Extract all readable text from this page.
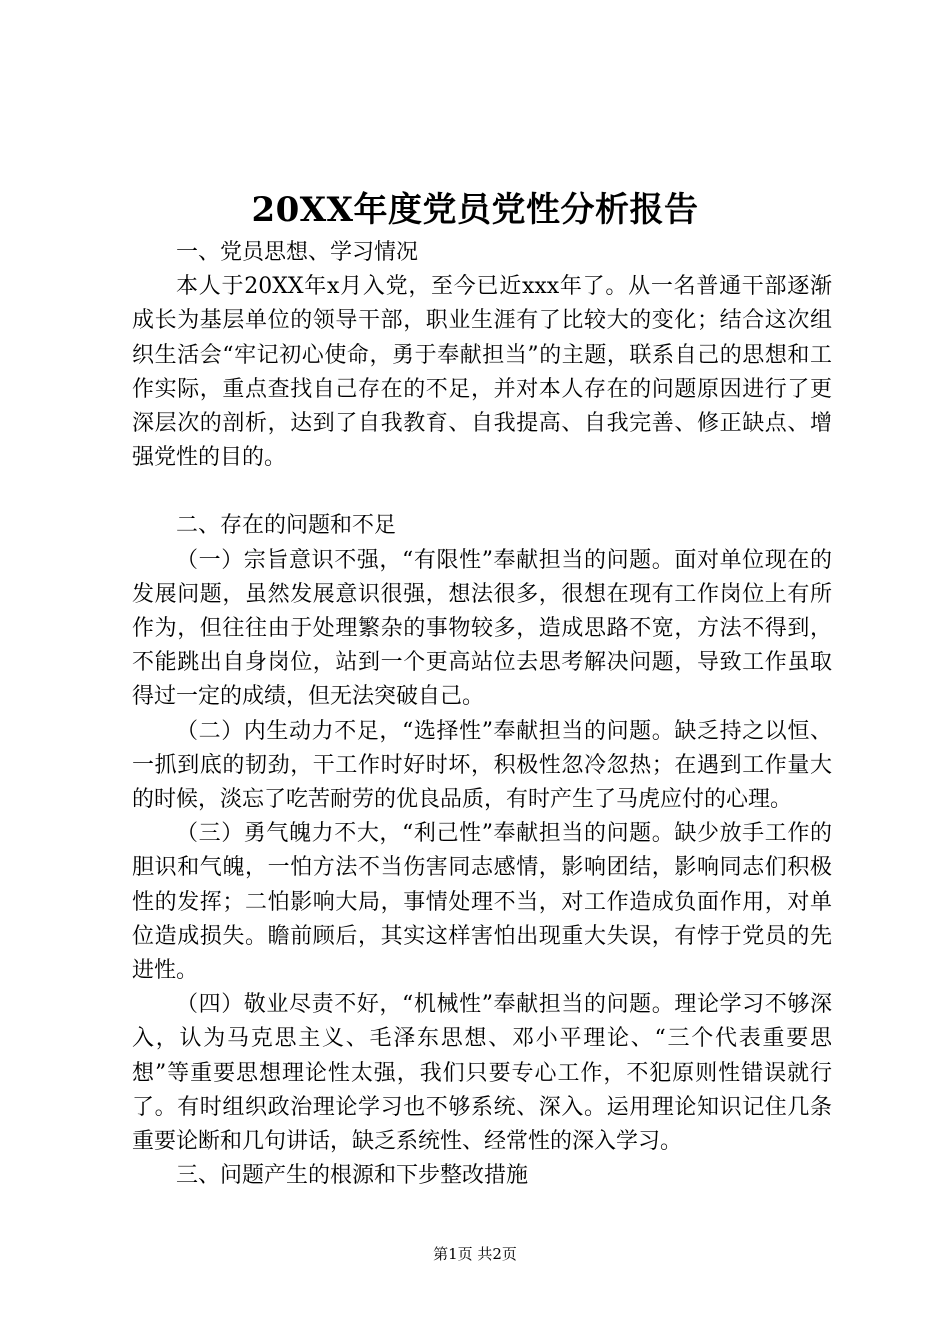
20XX年度党员党性分析报告

一、党员思想、学习情况

本人于20XX年x月入党，至今已近xxx年了。从一名普通干部逐渐成长为基层单位的领导干部，职业生涯有了比较大的变化；结合这次组织生活会“牢记初心使命，勇于奉献担当”的主题，联系自己的思想和工作实际，重点查找自己存在的不足，并对本人存在的问题原因进行了更深层次的剖析，达到了自我教育、自我提高、自我完善、修正缺点、增强党性的目的。

二、存在的问题和不足

（一）宗旨意识不强，“有限性”奉献担当的问题。面对单位现在的发展问题，虽然发展意识很强，想法很多，很想在现有工作岗位上有所作为，但往往由于处理繁杂的事物较多，造成思路不宽，方法不得到，不能跳出自身岗位，站到一个更高站位去思考解决问题，导致工作虽取得过一定的成绩，但无法突破自己。

（二）内生动力不足，“选择性”奉献担当的问题。缺乏持之以恒、一抓到底的韧劲，干工作时好时坏，积极性忽冷忽热；在遇到工作量大的时候，淡忘了吃苦耐劳的优良品质，有时产生了马虎应付的心理。

（三）勇气魄力不大，“利己性”奉献担当的问题。缺少放手工作的胆识和气魄，一怕方法不当伤害同志感情，影响团结，影响同志们积极性的发挥；二怕影响大局，事情处理不当，对工作造成负面作用，对单位造成损失。瞻前顾后，其实这样害怕出现重大失误，有悖于党员的先进性。

（四）敬业尽责不好，“机械性”奉献担当的问题。理论学习不够深入，认为马克思主义、毛泽东思想、邓小平理论、“三个代表重要思想”等重要思想理论性太强，我们只要专心工作，不犯原则性错误就行了。有时组织政治理论学习也不够系统、深入。运用理论知识记住几条重要论断和几句讲话，缺乏系统性、经常性的深入学习。

三、问题产生的根源和下步整改措施

第1页 共2页
